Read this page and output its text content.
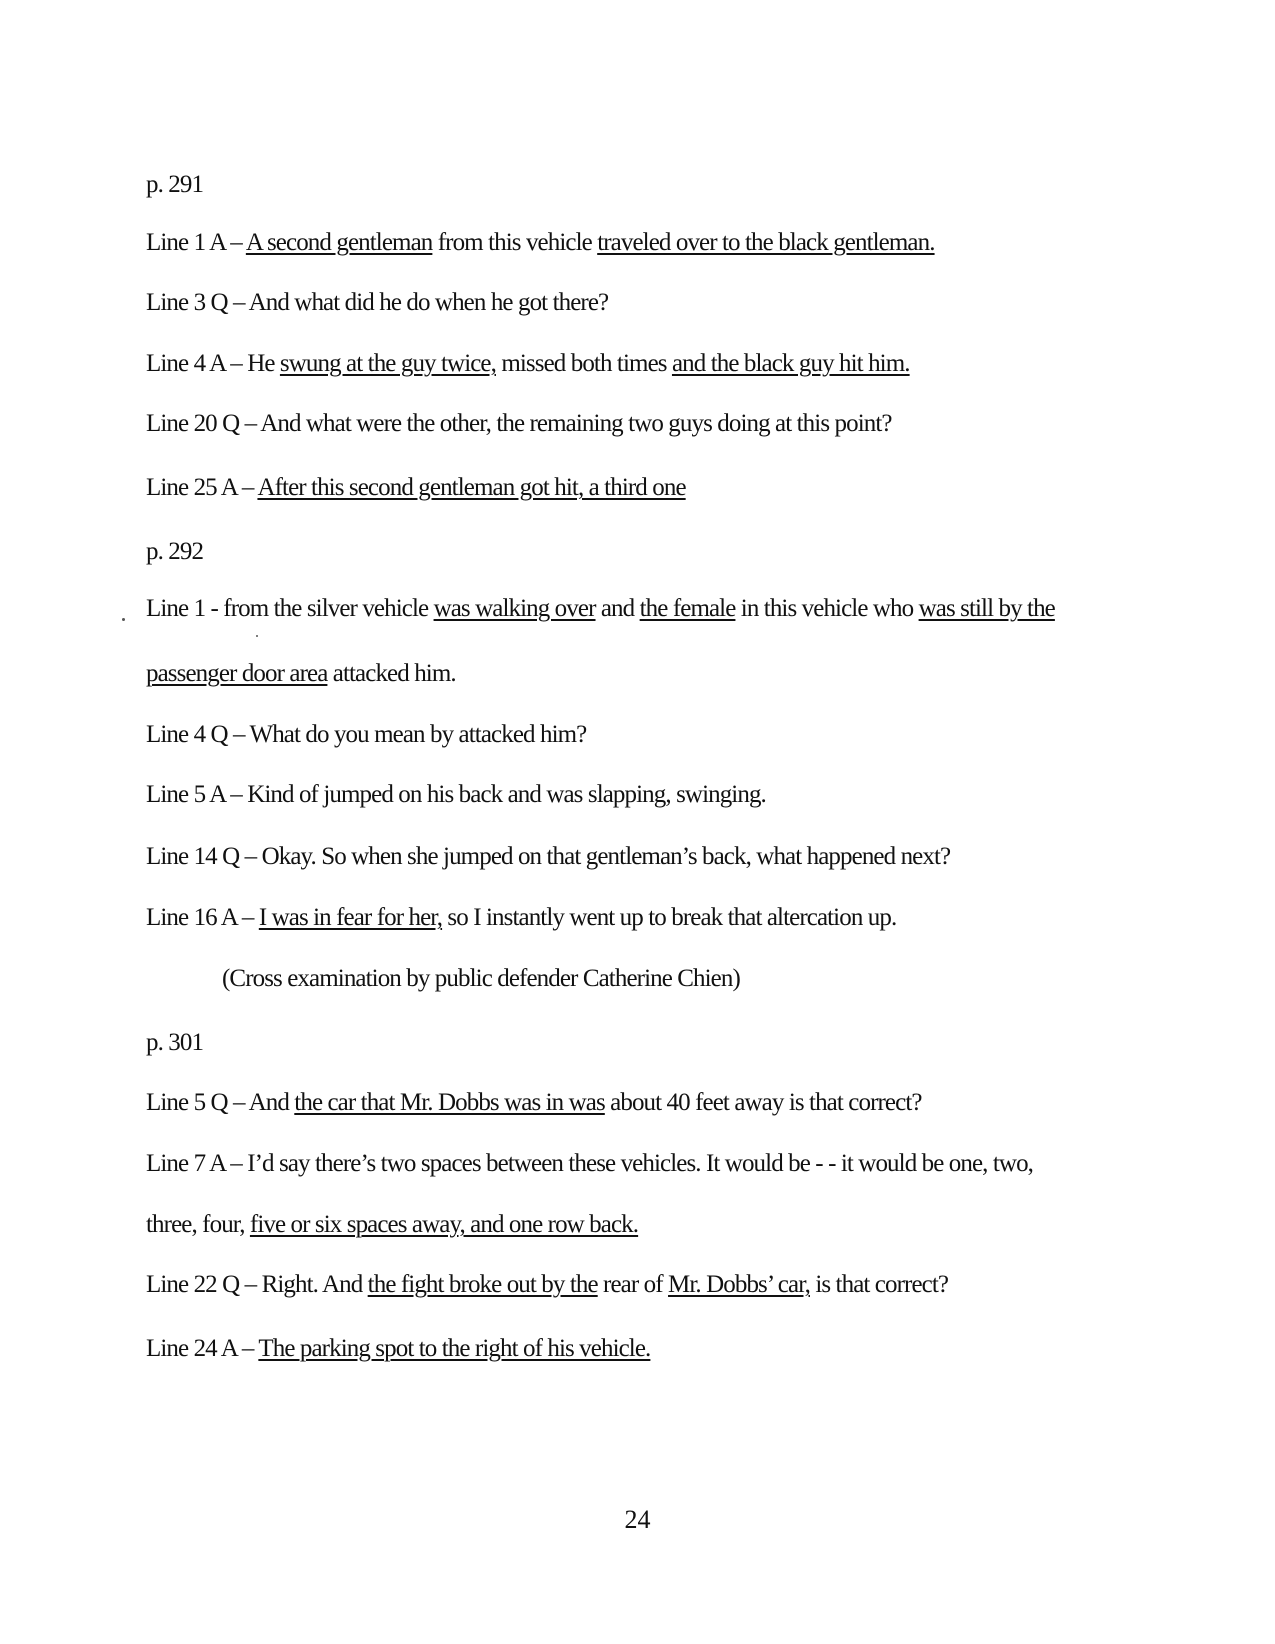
p. 291
Line 1 A – A second gentleman from this vehicle traveled over to the black gentleman.
Line 3 Q – And what did he do when he got there?
Line 4 A – He swung at the guy twice, missed both times and the black guy hit him.
Line 20 Q – And what were the other, the remaining two guys doing at this point?
Line 25 A – After this second gentleman got hit, a third one
p. 292
Line 1 - from the silver vehicle was walking over and the female in this vehicle who was still by the
passenger door area attacked him.
Line 4 Q – What do you mean by attacked him?
Line 5 A – Kind of jumped on his back and was slapping, swinging.
Line 14 Q – Okay. So when she jumped on that gentleman’s back, what happened next?
Line 16 A – I was in fear for her, so I instantly went up to break that altercation up.
(Cross examination by public defender Catherine Chien)
p. 301
Line 5 Q – And the car that Mr. Dobbs was in was about 40 feet away is that correct?
Line 7 A – I’d say there’s two spaces between these vehicles. It would be - - it would be one, two,
three, four, five or six spaces away, and one row back.
Line 22 Q – Right. And the fight broke out by the rear of Mr. Dobbs’ car, is that correct?
Line 24 A – The parking spot to the right of his vehicle.
24
